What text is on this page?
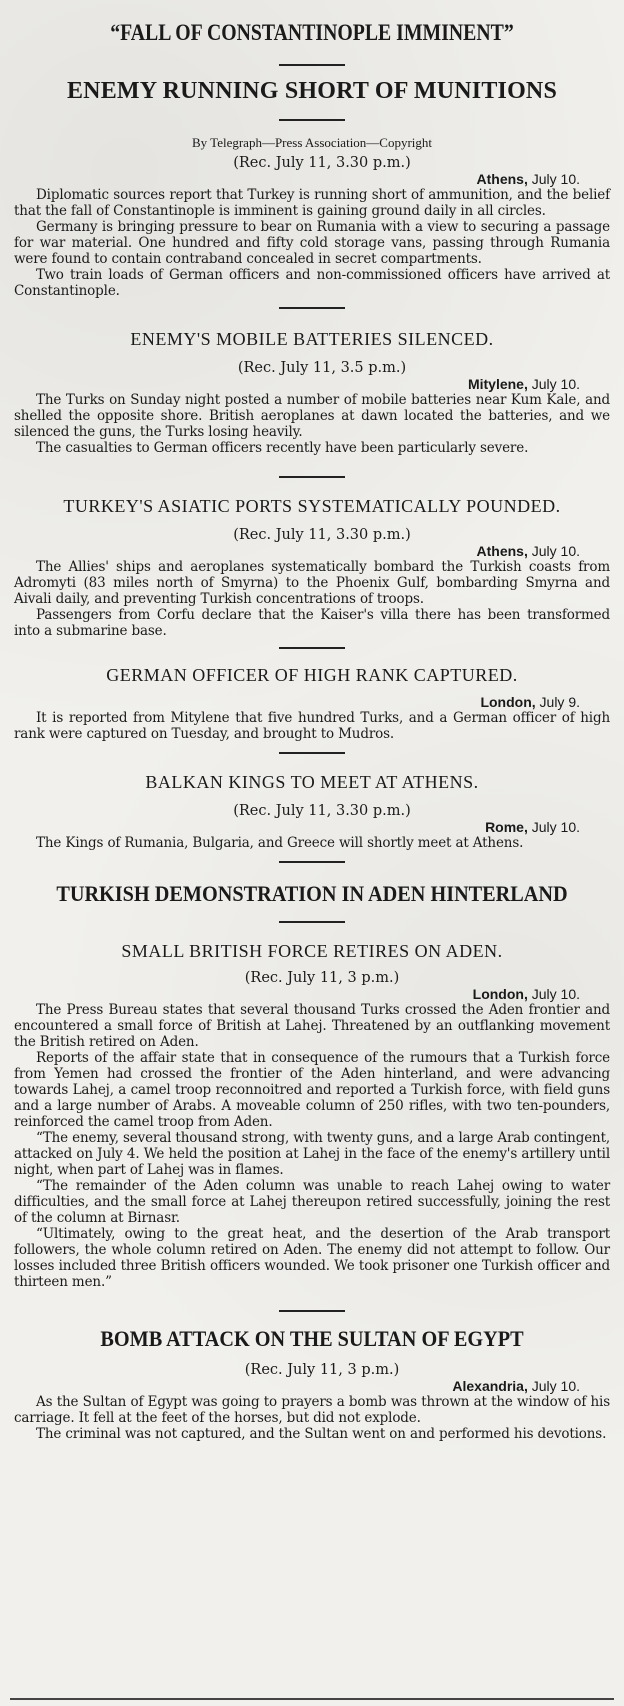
“FALL OF CONSTANTINOPLE IMMINENT”
ENEMY RUNNING SHORT OF MUNITIONS

By Telegraph—Press Association—Copyright

(Rec. July 11, 3.30 p.m.)

Athens, July 10.

Diplomatic sources report that Turkey is running short of ammunition, and the belief that the fall of Constantinople is imminent is gaining ground daily in all circles.

Germany is bringing pressure to bear on Rumania with a view to securing a passage for war material. One hundred and fifty cold storage vans, passing through Rumania were found to contain contraband concealed in secret compartments.

Two train loads of German officers and non-commissioned officers have arrived at Constantinople.

ENEMY'S MOBILE BATTERIES SILENCED.

(Rec. July 11, 3.5 p.m.)

Mitylene, July 10.

The Turks on Sunday night posted a number of mobile batteries near Kum Kale, and shelled the opposite shore. British aeroplanes at dawn located the batteries, and we silenced the guns, the Turks losing heavily.

The casualties to German officers recently have been particularly severe.

TURKEY'S ASIATIC PORTS SYSTEMATICALLY POUNDED.

(Rec. July 11, 3.30 p.m.)

Athens, July 10.

The Allies' ships and aeroplanes systematically bombard the Turkish coasts from Adromyti (83 miles north of Smyrna) to the Phoenix Gulf, bombarding Smyrna and Aivali daily, and preventing Turkish concentrations of troops.

Passengers from Corfu declare that the Kaiser's villa there has been transformed into a submarine base.

GERMAN OFFICER OF HIGH RANK CAPTURED.

London, July 9.

It is reported from Mitylene that five hundred Turks, and a German officer of high rank were captured on Tuesday, and brought to Mudros.

BALKAN KINGS TO MEET AT ATHENS.

(Rec. July 11, 3.30 p.m.)

Rome, July 10.

The Kings of Rumania, Bulgaria, and Greece will shortly meet at Athens.

TURKISH DEMONSTRATION IN ADEN HINTERLAND
SMALL BRITISH FORCE RETIRES ON ADEN.

(Rec. July 11, 3 p.m.)

London, July 10.

The Press Bureau states that several thousand Turks crossed the Aden frontier and encountered a small force of British at Lahej. Threatened by an outflanking movement the British retired on Aden.

Reports of the affair state that in consequence of the rumours that a Turkish force from Yemen had crossed the frontier of the Aden hinterland, and were advancing towards Lahej, a camel troop reconnoitred and reported a Turkish force, with field guns and a large number of Arabs. A moveable column of 250 rifles, with two ten-pounders, reinforced the camel troop from Aden.

“The enemy, several thousand strong, with twenty guns, and a large Arab contingent, attacked on July 4. We held the position at Lahej in the face of the enemy's artillery until night, when part of Lahej was in flames.

“The remainder of the Aden column was unable to reach Lahej owing to water difficulties, and the small force at Lahej thereupon retired successfully, joining the rest of the column at Birnasr.

“Ultimately, owing to the great heat, and the desertion of the Arab transport followers, the whole column retired on Aden. The enemy did not attempt to follow. Our losses included three British officers wounded. We took prisoner one Turkish officer and thirteen men.”

BOMB ATTACK ON THE SULTAN OF EGYPT

(Rec. July 11, 3 p.m.)

Alexandria, July 10.

As the Sultan of Egypt was going to prayers a bomb was thrown at the window of his carriage. It fell at the feet of the horses, but did not explode.

The criminal was not captured, and the Sultan went on and performed his devotions.
